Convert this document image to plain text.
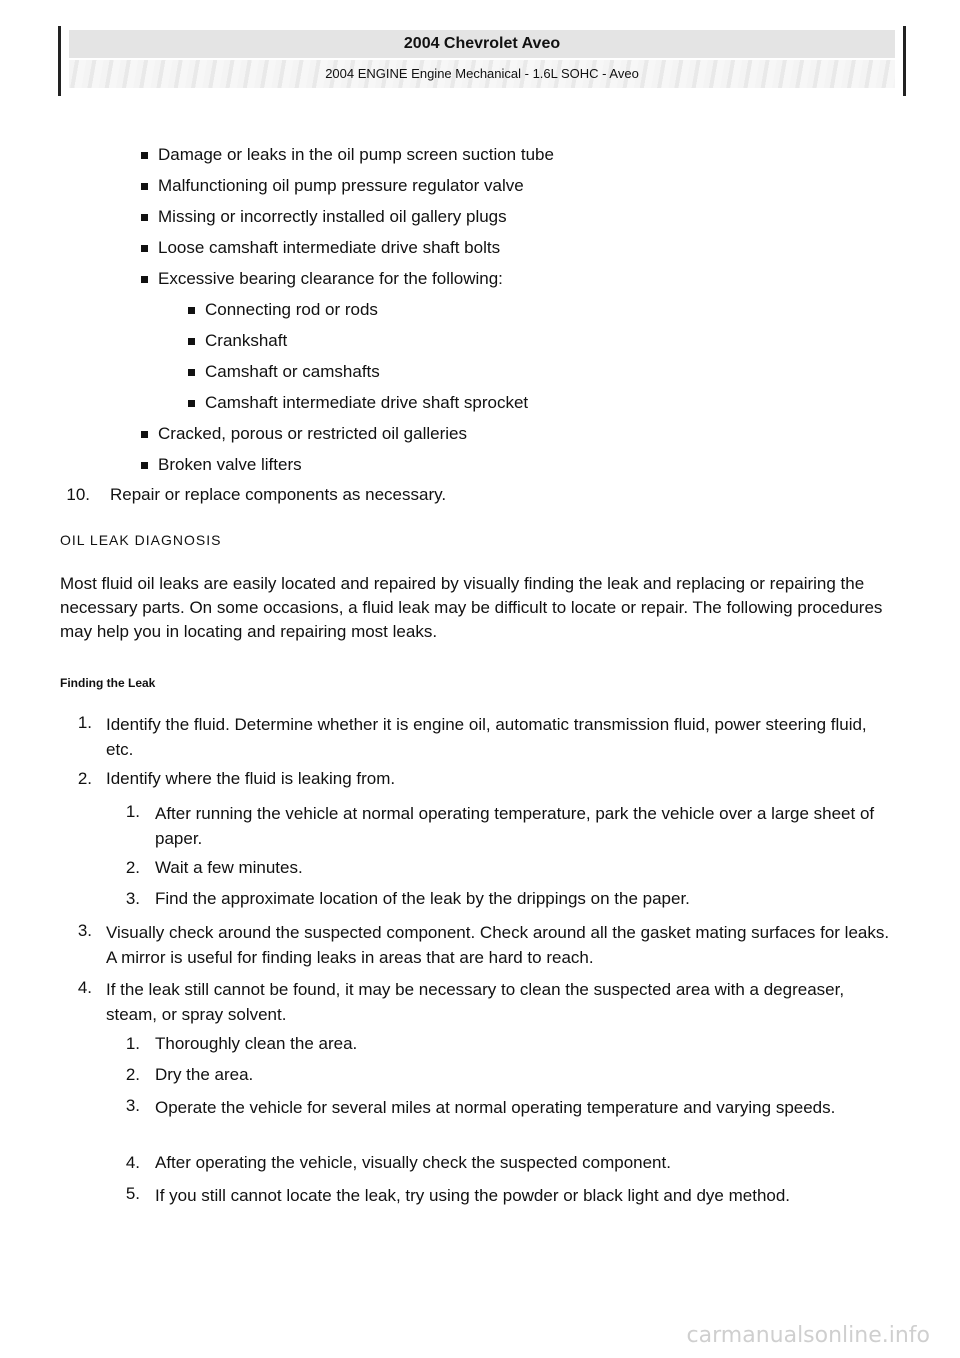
2004 Chevrolet Aveo
2004 ENGINE Engine Mechanical - 1.6L SOHC - Aveo
Damage or leaks in the oil pump screen suction tube
Malfunctioning oil pump pressure regulator valve
Missing or incorrectly installed oil gallery plugs
Loose camshaft intermediate drive shaft bolts
Excessive bearing clearance for the following:
Connecting rod or rods
Crankshaft
Camshaft or camshafts
Camshaft intermediate drive shaft sprocket
Cracked, porous or restricted oil galleries
Broken valve lifters
10. Repair or replace components as necessary.
OIL LEAK DIAGNOSIS
Most fluid oil leaks are easily located and repaired by visually finding the leak and replacing or repairing the necessary parts. On some occasions, a fluid leak may be difficult to locate or repair. The following procedures may help you in locating and repairing most leaks.
Finding the Leak
1. Identify the fluid. Determine whether it is engine oil, automatic transmission fluid, power steering fluid, etc.
2. Identify where the fluid is leaking from.
1. After running the vehicle at normal operating temperature, park the vehicle over a large sheet of paper.
2. Wait a few minutes.
3. Find the approximate location of the leak by the drippings on the paper.
3. Visually check around the suspected component. Check around all the gasket mating surfaces for leaks. A mirror is useful for finding leaks in areas that are hard to reach.
4. If the leak still cannot be found, it may be necessary to clean the suspected area with a degreaser, steam, or spray solvent.
1. Thoroughly clean the area.
2. Dry the area.
3. Operate the vehicle for several miles at normal operating temperature and varying speeds.
4. After operating the vehicle, visually check the suspected component.
5. If you still cannot locate the leak, try using the powder or black light and dye method.
carmanualsonline.info
